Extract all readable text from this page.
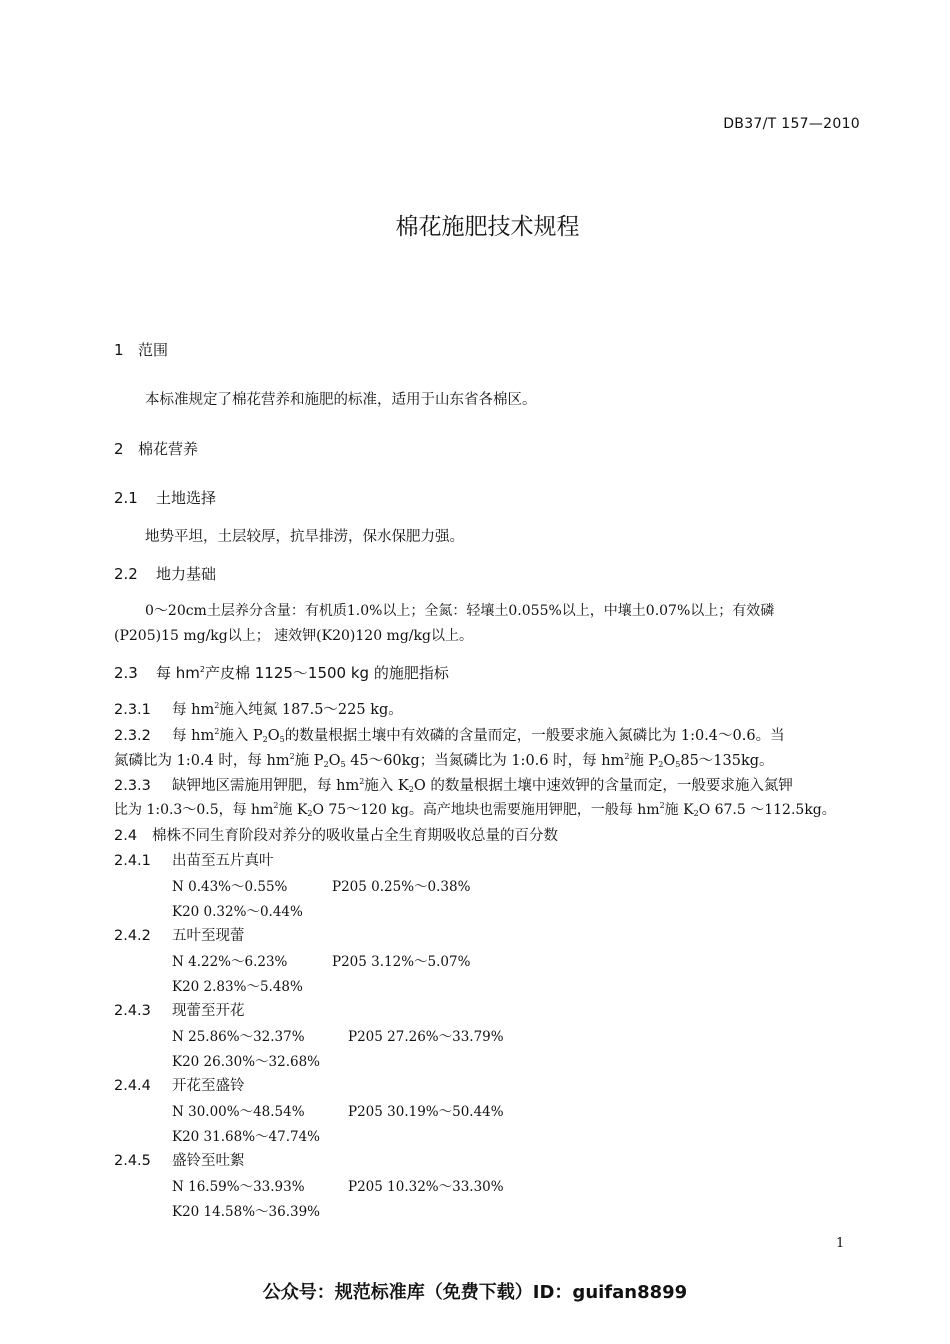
DB37/T 157—2010
棉花施肥技术规程
1 范围
本标准规定了棉花营养和施肥的标准，适用于山东省各棉区。
2 棉花营养
2.1 土地选择
地势平坦，土层较厚，抗旱排涝，保水保肥力强。
2.2 地力基础
0～20cm土层养分含量：有机质1.0%以上；全氮：轻壤土0.055%以上，中壤土0.07%以上；有效磷
(P205)15 mg/kg以上； 速效钾(K20)120 mg/kg以上。
2.3 每 $hm^2$产皮棉 1125～1500 kg 的施肥指标
2.3.1 每 $hm^2$施入纯氮 187.5～225 kg。
2.3.2 每 $hm^2$施入 $P_2O_5$的数量根据土壤中有效磷的含量而定，一般要求施入氮磷比为 1:0.4～0.6。当
氮磷比为 1:0.4 时，每 $hm^2$施 $P_2O_5$ 45～60kg；当氮磷比为 1:0.6 时，每 $hm^2$施 $P_2O_585\sim 135kg$。
2.3.3 缺钾地区需施用钾肥，每 $hm^2$施入 $K_2O$ 的数量根据土壤中速效钾的含量而定，一般要求施入氮钾
比为 1:0.3～0.5，每 $hm^2$施 $K_2O$ 75～120 kg。高产地块也需要施用钾肥，一般每 $hm^2$施 $K_2O$ 67.5 ～112.5kg。
2.4 棉株不同生育阶段对养分的吸收量占全生育期吸收总量的百分数
2.4.1 出苗至五片真叶
N 0.43%～0.55%	P205 0.25%～0.38%
K20 0.32%～0.44%
2.4.2 五叶至现蕾
N 4.22%～6.23%	P205 3.12%～5.07%
K20 2.83%～5.48%
2.4.3 现蕾至开花
N 25.86%～32.37%	P205 27.26%～33.79%
K20 26.30%～32.68%
2.4.4 开花至盛铃
N 30.00%～48.54%	P205 30.19%～50.44%
K20 31.68%～47.74%
2.4.5 盛铃至吐絮
N 16.59%～33.93%	P205 10.32%～33.30%
K20 14.58%～36.39%
1
公众号：规范标准库（免费下载）ID：guifan8899
